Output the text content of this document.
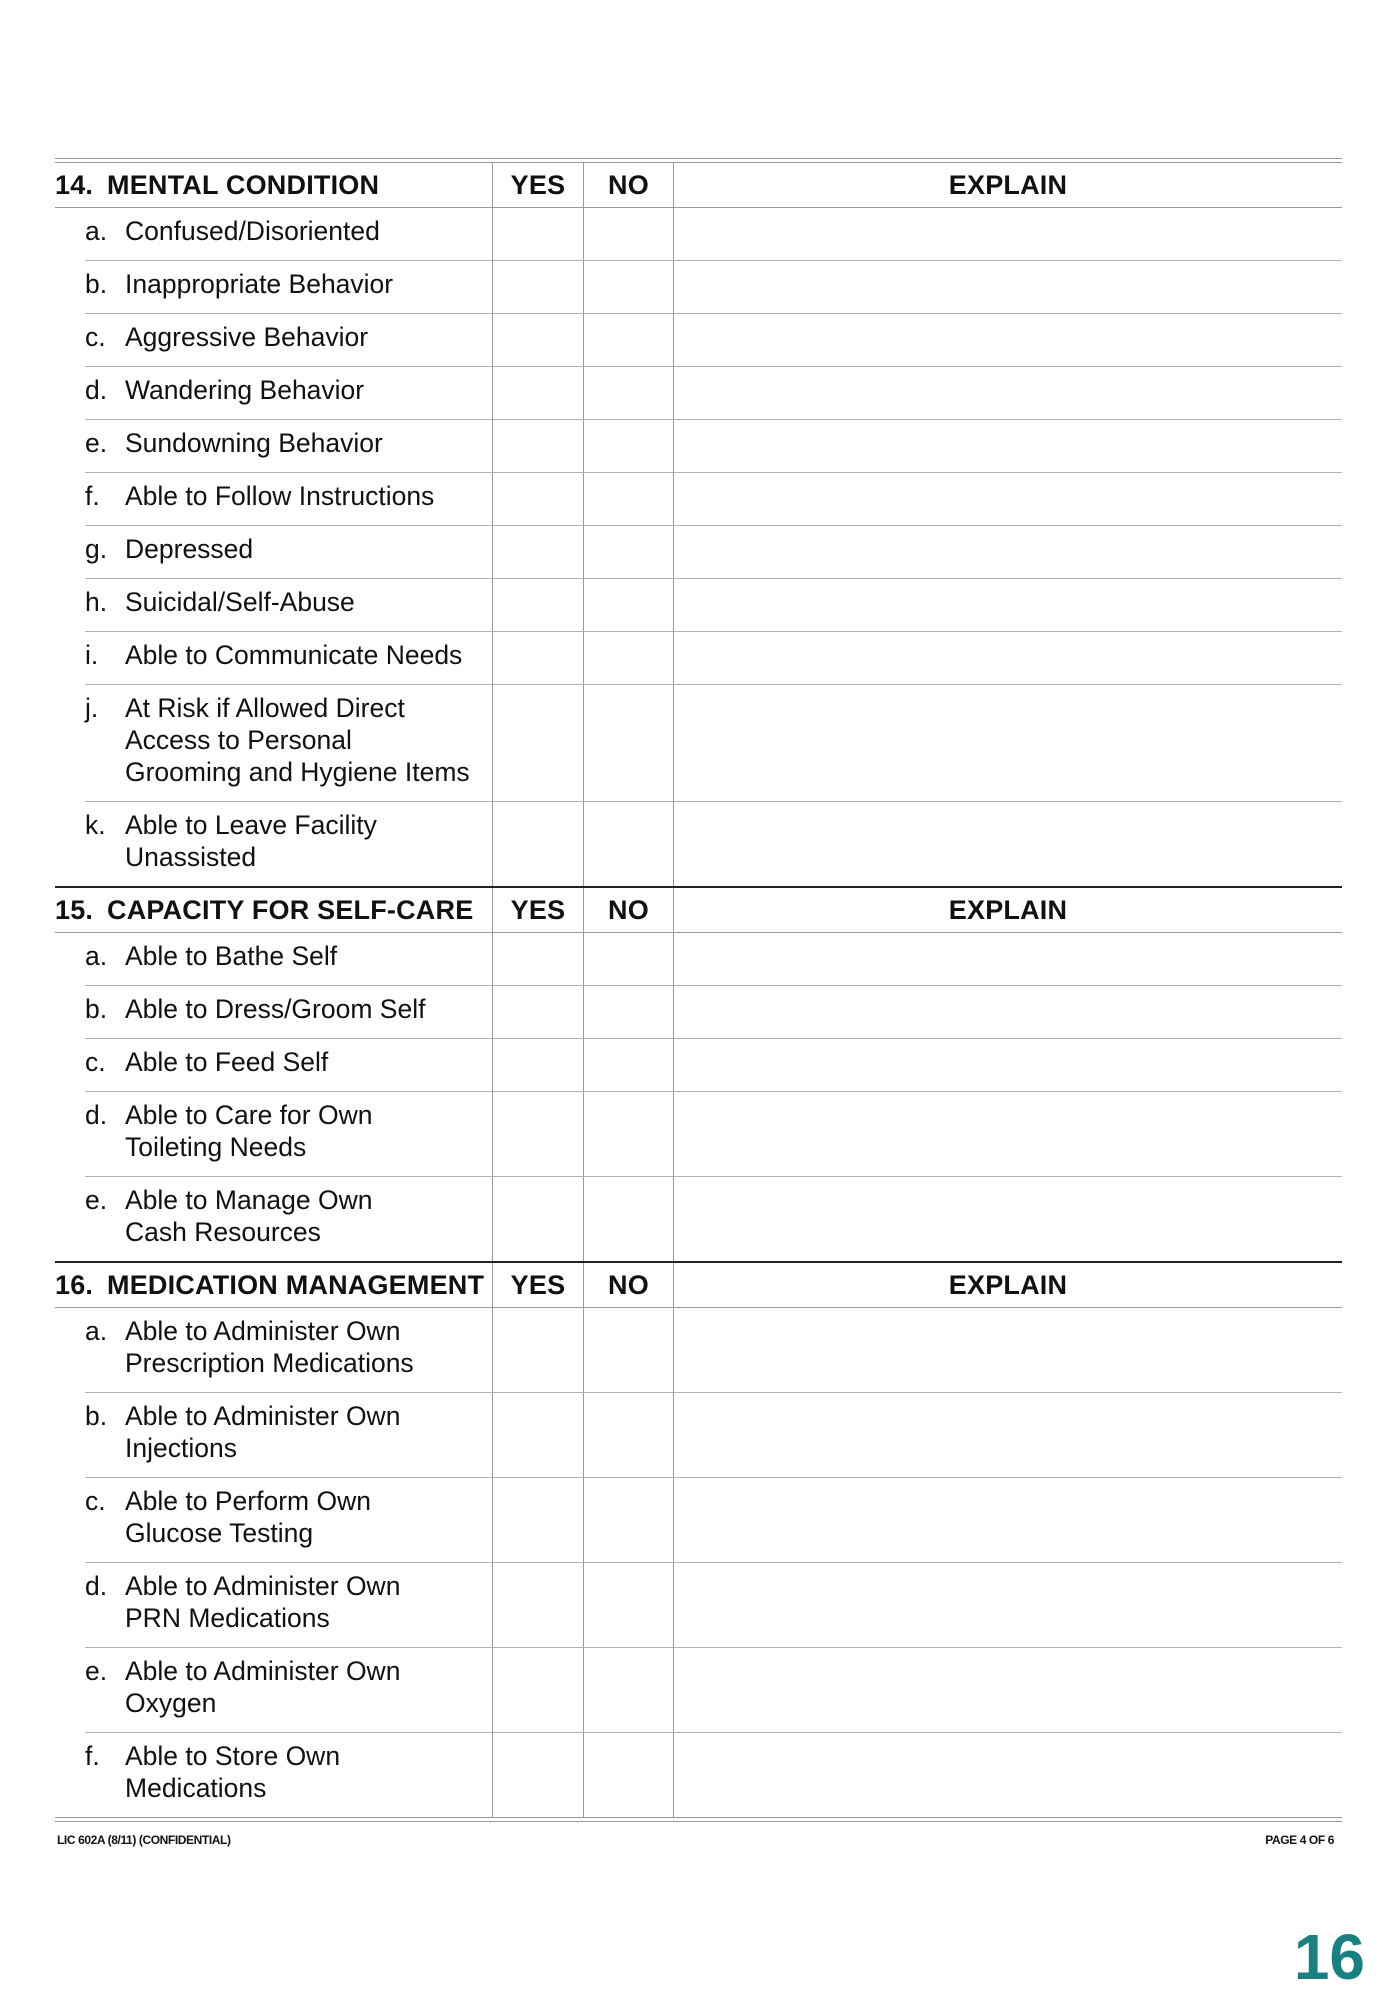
14. MENTAL CONDITION	YES	NO	EXPLAIN
a. Confused/Disoriented
b. Inappropriate Behavior
c. Aggressive Behavior
d. Wandering Behavior
e. Sundowning Behavior
f. Able to Follow Instructions
g. Depressed
h. Suicidal/Self-Abuse
i.	Able to Communicate Needs
j.	At Risk if Allowed Direct
Access to Personal
Grooming and Hygiene Items
k. Able to Leave Facility
Unassisted
15. CAPACITY FOR SELF-CARE	YES	NO	EXPLAIN
a. Able to Bathe Self
b. Able to Dress/Groom Self
c. Able to Feed Self
d. Able to Care for Own
Toileting Needs
e. Able to Manage Own
Cash Resources
16. MEDICATION MANAGEMENT YES	NO	EXPLAIN
a. Able to Administer Own
Prescription Medications
b. Able to Administer Own
Injections
c. Able to Perform Own
Glucose Testing
d. Able to Administer Own
PRN Medications
e. Able to Administer Own
Oxygen
f. Able to Store Own
Medications
LIC 602A (8/11) (CONFIDENTIAL)	PAGE 4 OF 6
16
